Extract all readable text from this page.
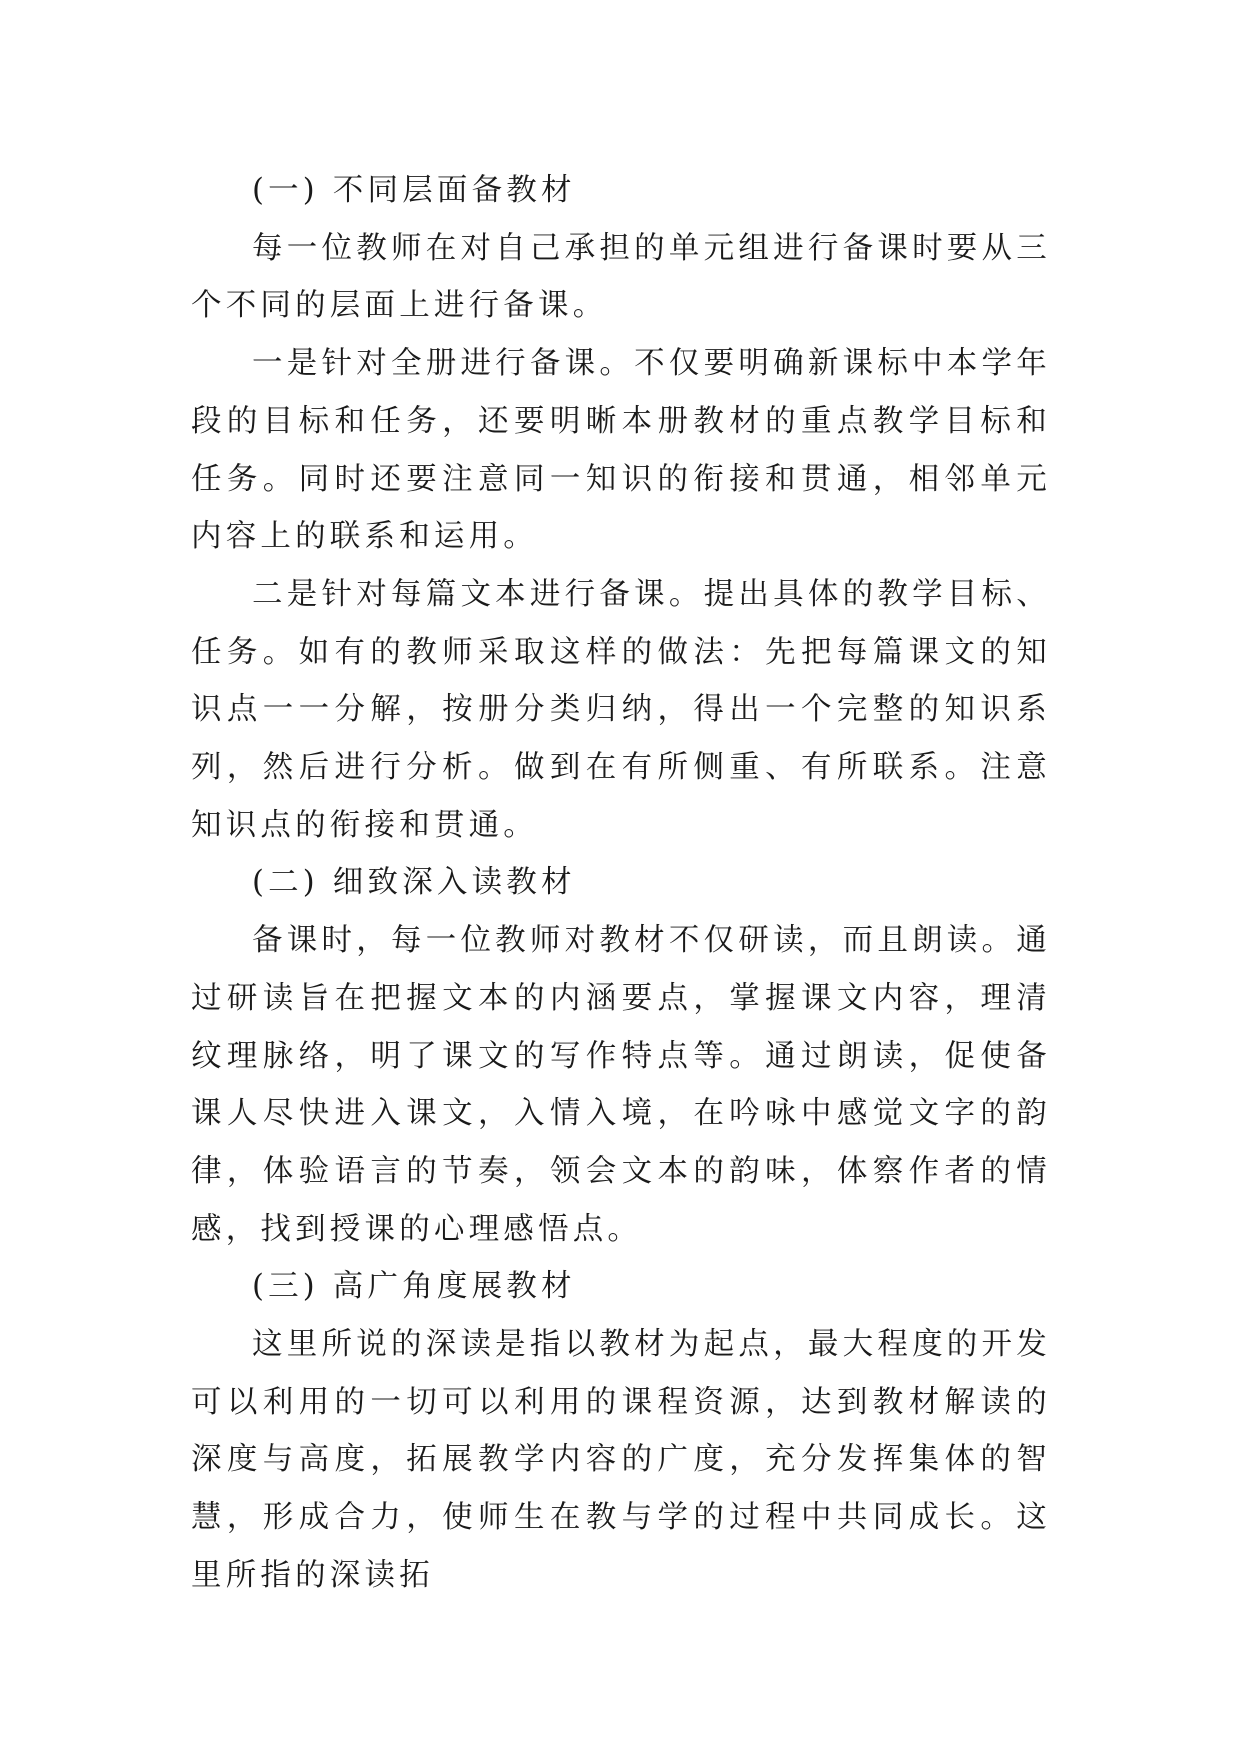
(一) 不同层面备教材

每一位教师在对自己承担的单元组进行备课时要从三个不同的层面上进行备课。

一是针对全册进行备课。不仅要明确新课标中本学年段的目标和任务，还要明晰本册教材的重点教学目标和任务。同时还要注意同一知识的衔接和贯通，相邻单元内容上的联系和运用。

二是针对每篇文本进行备课。提出具体的教学目标、任务。如有的教师采取这样的做法：先把每篇课文的知识点一一分解，按册分类归纳，得出一个完整的知识系列，然后进行分析。做到在有所侧重、有所联系。注意知识点的衔接和贯通。

(二) 细致深入读教材

备课时，每一位教师对教材不仅研读，而且朗读。通过研读旨在把握文本的内涵要点，掌握课文内容，理清纹理脉络，明了课文的写作特点等。通过朗读，促使备课人尽快进入课文，入情入境，在吟咏中感觉文字的韵律，体验语言的节奏，领会文本的韵味，体察作者的情感，找到授课的心理感悟点。

(三) 高广角度展教材

这里所说的深读是指以教材为起点，最大程度的开发可以利用的一切可以利用的课程资源，达到教材解读的深度与高度，拓展教学内容的广度，充分发挥集体的智慧，形成合力，使师生在教与学的过程中共同成长。这里所指的深读拓
